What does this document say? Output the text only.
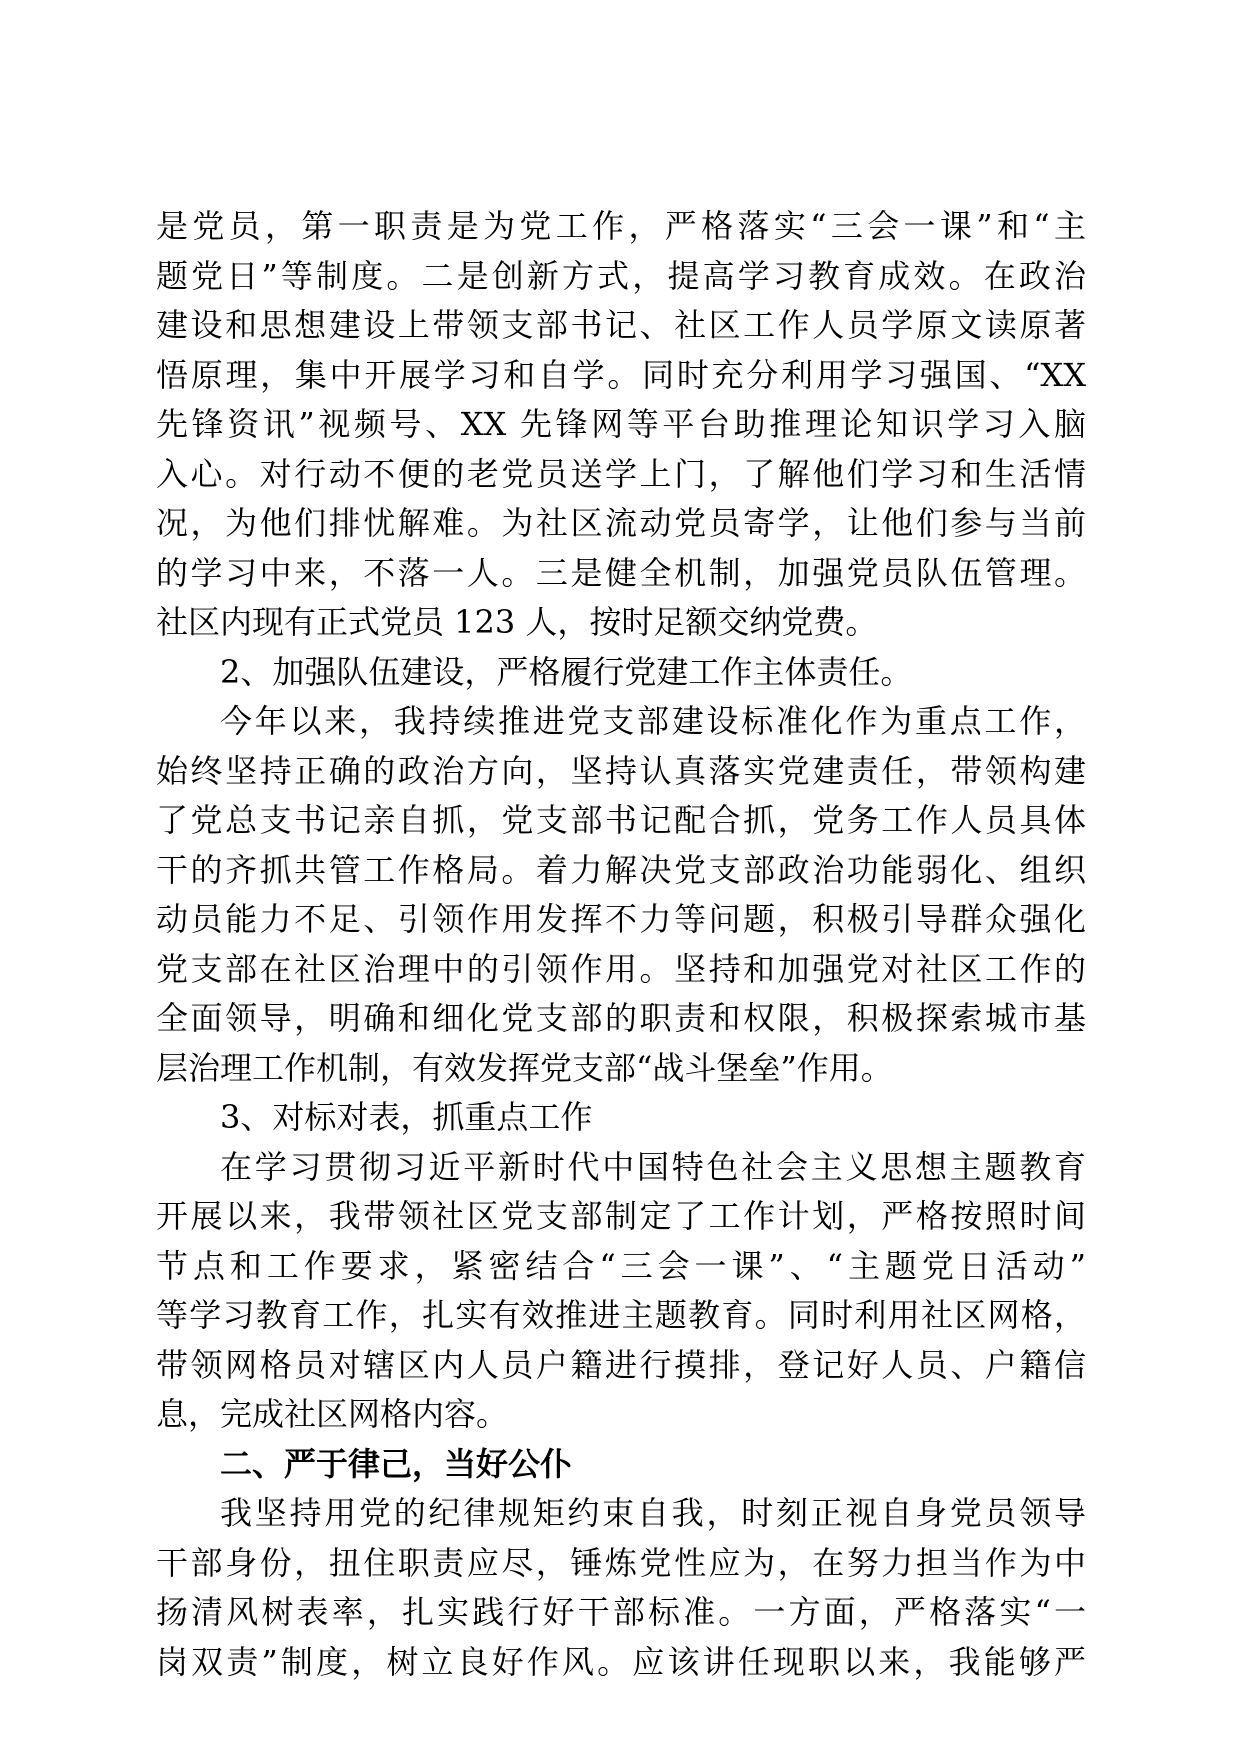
是党员，第一职责是为党工作，严格落实“三会一课”和“主
题党日”等制度。二是创新方式，提高学习教育成效。在政治
建设和思想建设上带领支部书记、社区工作人员学原文读原著
悟原理，集中开展学习和自学。同时充分利用学习强国、“XX
先锋资讯”视频号、XX 先锋网等平台助推理论知识学习入脑
入心。对行动不便的老党员送学上门，了解他们学习和生活情
况，为他们排忧解难。为社区流动党员寄学，让他们参与当前
的学习中来，不落一人。三是健全机制，加强党员队伍管理。
社区内现有正式党员 123 人，按时足额交纳党费。
2、加强队伍建设，严格履行党建工作主体责任。
今年以来，我持续推进党支部建设标准化作为重点工作，
始终坚持正确的政治方向，坚持认真落实党建责任，带领构建
了党总支书记亲自抓，党支部书记配合抓，党务工作人员具体
干的齐抓共管工作格局。着力解决党支部政治功能弱化、组织
动员能力不足、引领作用发挥不力等问题，积极引导群众强化
党支部在社区治理中的引领作用。坚持和加强党对社区工作的
全面领导，明确和细化党支部的职责和权限，积极探索城市基
层治理工作机制，有效发挥党支部“战斗堡垒”作用。
3、对标对表，抓重点工作
在学习贯彻习近平新时代中国特色社会主义思想主题教育
开展以来，我带领社区党支部制定了工作计划，严格按照时间
节点和工作要求，紧密结合“三会一课”、“主题党日活动”
等学习教育工作，扎实有效推进主题教育。同时利用社区网格，
带领网格员对辖区内人员户籍进行摸排，登记好人员、户籍信
息，完成社区网格内容。
二、严于律己，当好公仆
我坚持用党的纪律规矩约束自我，时刻正视自身党员领导
干部身份，扭住职责应尽，锤炼党性应为，在努力担当作为中
扬清风树表率，扎实践行好干部标准。一方面，严格落实“一
岗双责”制度，树立良好作风。应该讲任现职以来，我能够严
